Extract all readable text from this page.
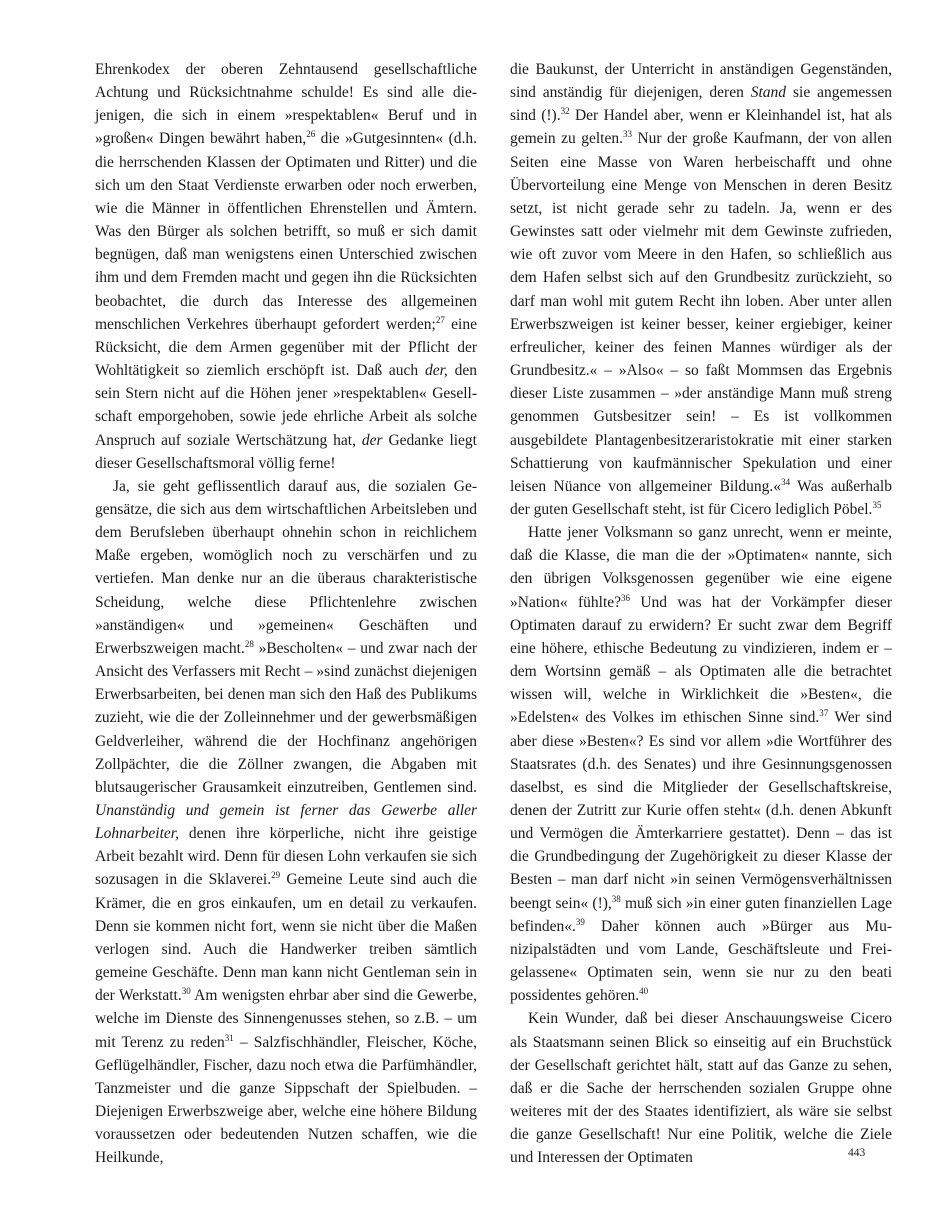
Ehrenkodex der oberen Zehntausend gesellschaftliche Achtung und Rücksichtnahme schulde! Es sind alle diejenigen, die sich in einem »respektablen« Beruf und in »großen« Dingen bewährt haben,$^{26}$ die »Gutgesinnten« (d.h. die herrschenden Klassen der Optimaten und Ritter) und die sich um den Staat Verdienste erwarben oder noch erwerben, wie die Männer in öffentlichen Ehrenstellen und Ämtern. Was den Bürger als solchen betrifft, so muß er sich damit begnügen, daß man wenigstens einen Unterschied zwischen ihm und dem Fremden macht und gegen ihn die Rücksichten beobachtet, die durch das Interesse des allgemeinen menschlichen Verkehres überhaupt gefordert werden;$^{27}$ eine Rücksicht, die dem Armen gegenüber mit der Pflicht der Wohltätigkeit so ziemlich erschöpft ist. Daß auch der, den sein Stern nicht auf die Höhen jener »respektablen« Gesellschaft emporgehoben, sowie jede ehrliche Arbeit als solche Anspruch auf soziale Wertschätzung hat, der Gedanke liegt dieser Gesellschaftsmoral völlig ferne!

Ja, sie geht geflissentlich darauf aus, die sozialen Gegensätze, die sich aus dem wirtschaftlichen Arbeitsleben und dem Berufsleben überhaupt ohnehin schon in reichlichem Maße ergeben, womöglich noch zu verschärfen und zu vertiefen. Man denke nur an die überaus charakteristische Scheidung, welche diese Pflichtenlehre zwischen »anständigen« und »gemeinen« Geschäften und Erwerbszweigen macht.$^{28}$ »Bescholten« – und zwar nach der Ansicht des Verfassers mit Recht – »sind zunächst diejenigen Erwerbsarbeiten, bei denen man sich den Haß des Publikums zuzieht, wie die der Zolleinnehmer und der gewerbsmäßigen Geldverleiher, während die der Hochfinanz angehörigen Zollpächter, die die Zöllner zwangen, die Abgaben mit blutsaugerischer Grausamkeit einzutreiben, Gentlemen sind. Unanständig und gemein ist ferner das Gewerbe aller Lohnarbeiter, denen ihre körperliche, nicht ihre geistige Arbeit bezahlt wird. Denn für diesen Lohn verkaufen sie sich sozusagen in die Sklaverei.$^{29}$ Gemeine Leute sind auch die Krämer, die en gros einkaufen, um en detail zu verkaufen. Denn sie kommen nicht fort, wenn sie nicht über die Maßen verlogen sind. Auch die Handwerker treiben sämtlich gemeine Geschäfte. Denn man kann nicht Gentleman sein in der Werkstatt.$^{30}$ Am wenigsten ehrbar aber sind die Gewerbe, welche im Dienste des Sinnengenusses stehen, so z.B. – um mit Terenz zu reden$^{31}$ – Salzfischhändler, Fleischer, Köche, Geflügelhändler, Fischer, dazu noch etwa die Parfümhändler, Tanzmeister und die ganze Sippschaft der Spielbuden. – Diejenigen Erwerbszweige aber, welche eine höhere Bildung voraussetzen oder bedeutenden Nutzen schaffen, wie die Heilkunde,

die Baukunst, der Unterricht in anständigen Gegenständen, sind anständig für diejenigen, deren Stand sie angemessen sind (!).$^{32}$ Der Handel aber, wenn er Kleinhandel ist, hat als gemein zu gelten.$^{33}$ Nur der große Kaufmann, der von allen Seiten eine Masse von Waren herbeischafft und ohne Übervorteilung eine Menge von Menschen in deren Besitz setzt, ist nicht gerade sehr zu tadeln. Ja, wenn er des Gewinstes satt oder vielmehr mit dem Gewinste zufrieden, wie oft zuvor vom Meere in den Hafen, so schließlich aus dem Hafen selbst sich auf den Grundbesitz zurückzieht, so darf man wohl mit gutem Recht ihn loben. Aber unter allen Erwerbszweigen ist keiner besser, keiner ergiebiger, keiner erfreulicher, keiner des feinen Mannes würdiger als der Grundbesitz.« – »Also« – so faßt Mommsen das Ergebnis dieser Liste zusammen – »der anständige Mann muß streng genommen Gutsbesitzer sein! – Es ist vollkommen ausgebildete Plantagenbesitzeraristokratie mit einer starken Schattierung von kaufmännischer Spekulation und einer leisen Nüance von allgemeiner Bildung.«$^{34}$ Was außerhalb der guten Gesellschaft steht, ist für Cicero lediglich Pöbel.$^{35}$

Hatte jener Volksmann so ganz unrecht, wenn er meinte, daß die Klasse, die man die der »Optimaten« nannte, sich den übrigen Volksgenossen gegenüber wie eine eigene »Nation« fühlte?$^{36}$ Und was hat der Vorkämpfer dieser Optimaten darauf zu erwidern? Er sucht zwar dem Begriff eine höhere, ethische Bedeutung zu vindizieren, indem er – dem Wortsinn gemäß – als Optimaten alle die betrachtet wissen will, welche in Wirklichkeit die »Besten«, die »Edelsten« des Volkes im ethischen Sinne sind.$^{37}$ Wer sind aber diese »Besten«? Es sind vor allem »die Wortführer des Staatsrates (d.h. des Senates) und ihre Gesinnungsgenossen daselbst, es sind die Mitglieder der Gesellschaftskreise, denen der Zutritt zur Kurie offen steht« (d.h. denen Abkunft und Vermögen die Ämterkarriere gestattet). Denn – das ist die Grundbedingung der Zugehörigkeit zu dieser Klasse der Besten – man darf nicht »in seinen Vermögensverhältnissen beengt sein« (!),$^{38}$ muß sich »in einer guten finanziellen Lage befinden«.$^{39}$ Daher können auch »Bürger aus Munizipalstädten und vom Lande, Geschäftsleute und Freigelassene« Optimaten sein, wenn sie nur zu den beati possidentes gehören.$^{40}$

Kein Wunder, daß bei dieser Anschauungsweise Cicero als Staatsmann seinen Blick so einseitig auf ein Bruchstück der Gesellschaft gerichtet hält, statt auf das Ganze zu sehen, daß er die Sache der herrschenden sozialen Gruppe ohne weiteres mit der des Staates identifiziert, als wäre sie selbst die ganze Gesellschaft! Nur eine Politik, welche die Ziele und Interessen der Optimaten	443
